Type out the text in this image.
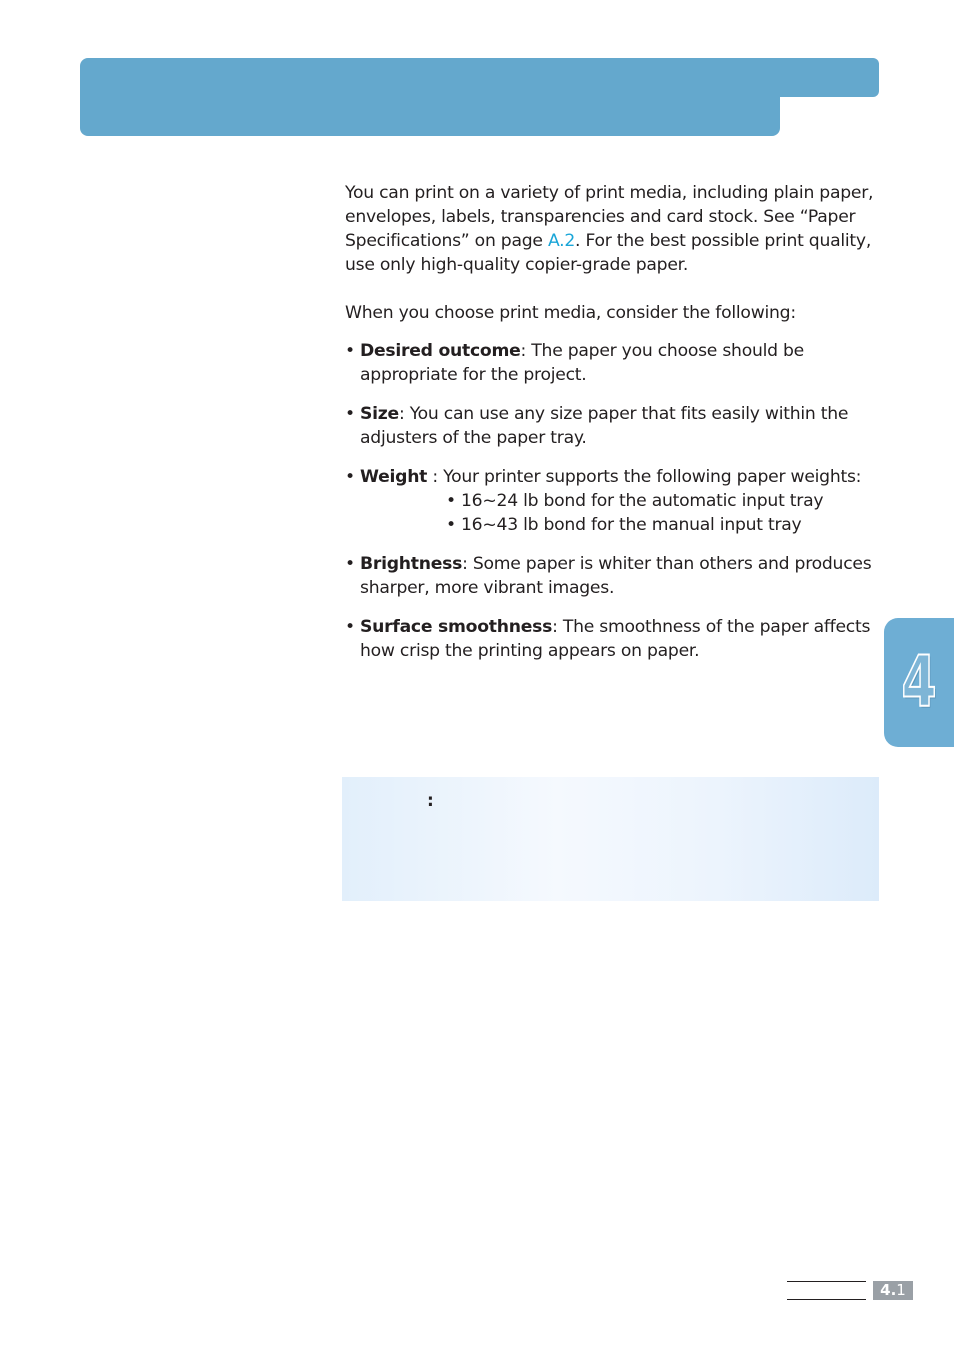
You can print on a variety of print media, including plain paper, envelopes, labels, transparencies and card stock. See “Paper Specifications” on page A.2. For the best possible print quality, use only high-quality copier-grade paper.

When you choose print media, consider the following:

• Desired outcome: The paper you choose should be appropriate for the project.
• Size: You can use any size paper that fits easily within the adjusters of the paper tray.
• Weight : Your printer supports the following paper weights:
• 16~24 lb bond for the automatic input tray
• 16~43 lb bond for the manual input tray
• Brightness: Some paper is whiter than others and produces sharper, more vibrant images.
• Surface smoothness: The smoothness of the paper affects how crisp the printing appears on paper.	4
:
4.1
